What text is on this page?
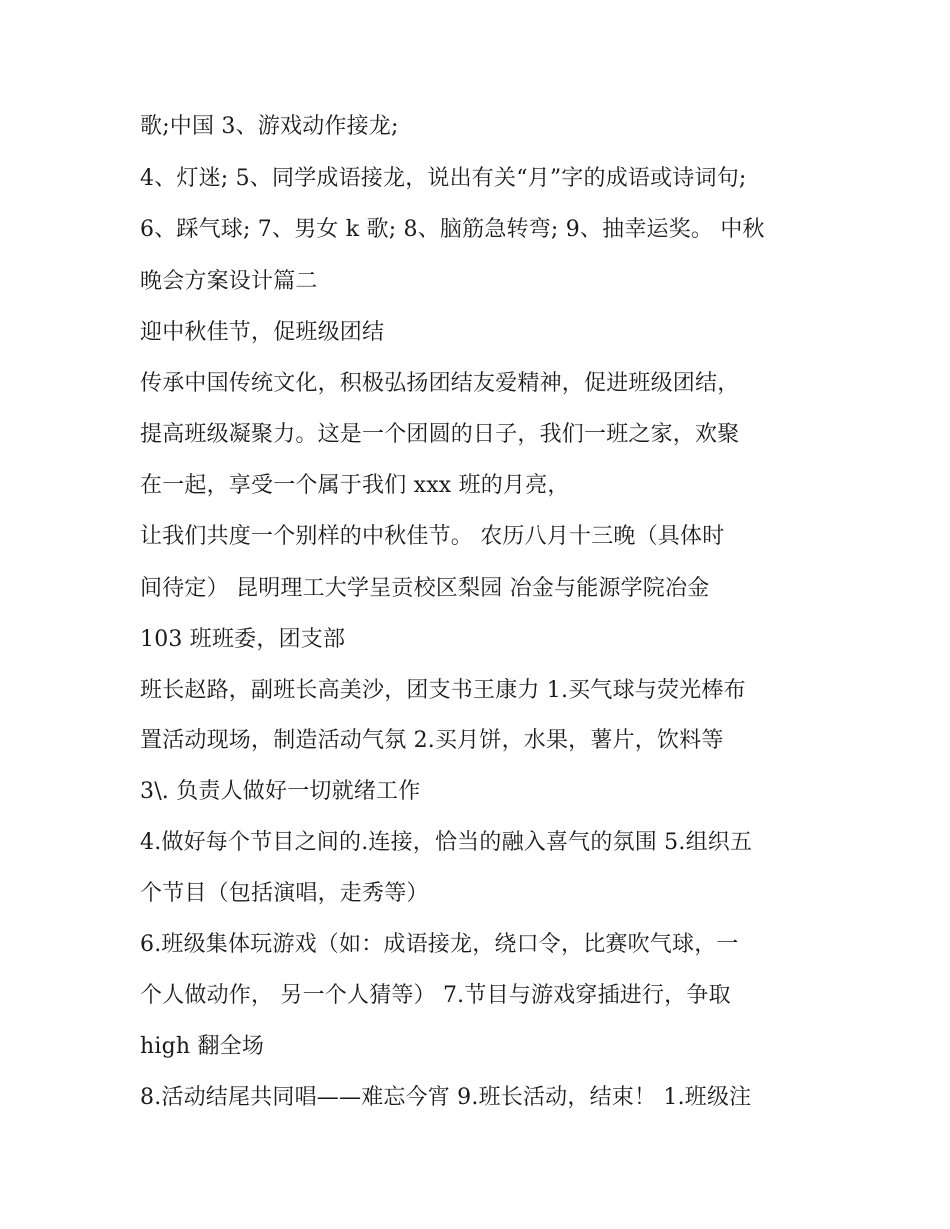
歌;中国 3、游戏动作接龙;
4、灯迷; 5、同学成语接龙，说出有关“月”字的成语或诗词句;
6、踩气球; 7、男女 k 歌; 8、脑筋急转弯; 9、抽幸运奖。 中秋
晚会方案设计篇二
迎中秋佳节，促班级团结
传承中国传统文化，积极弘扬团结友爱精神，促进班级团结，
提高班级凝聚力。这是一个团圆的日子，我们一班之家，欢聚
在一起，享受一个属于我们 xxx 班的月亮，
让我们共度一个别样的中秋佳节。 农历八月十三晚（具体时
间待定） 昆明理工大学呈贡校区梨园 冶金与能源学院冶金
103 班班委，团支部
班长赵路，副班长高美沙，团支书王康力 1.买气球与荧光棒布
置活动现场，制造活动气氛 2.买月饼，水果，薯片，饮料等
3\. 负责人做好一切就绪工作
4.做好每个节目之间的.连接，恰当的融入喜气的氛围 5.组织五
个节目（包括演唱，走秀等）
6.班级集体玩游戏（如：成语接龙，绕口令，比赛吹气球，一
个人做动作， 另一个人猜等） 7.节目与游戏穿插进行，争取
high 翻全场
8.活动结尾共同唱——难忘今宵 9.班长活动，结束！ 1.班级注
